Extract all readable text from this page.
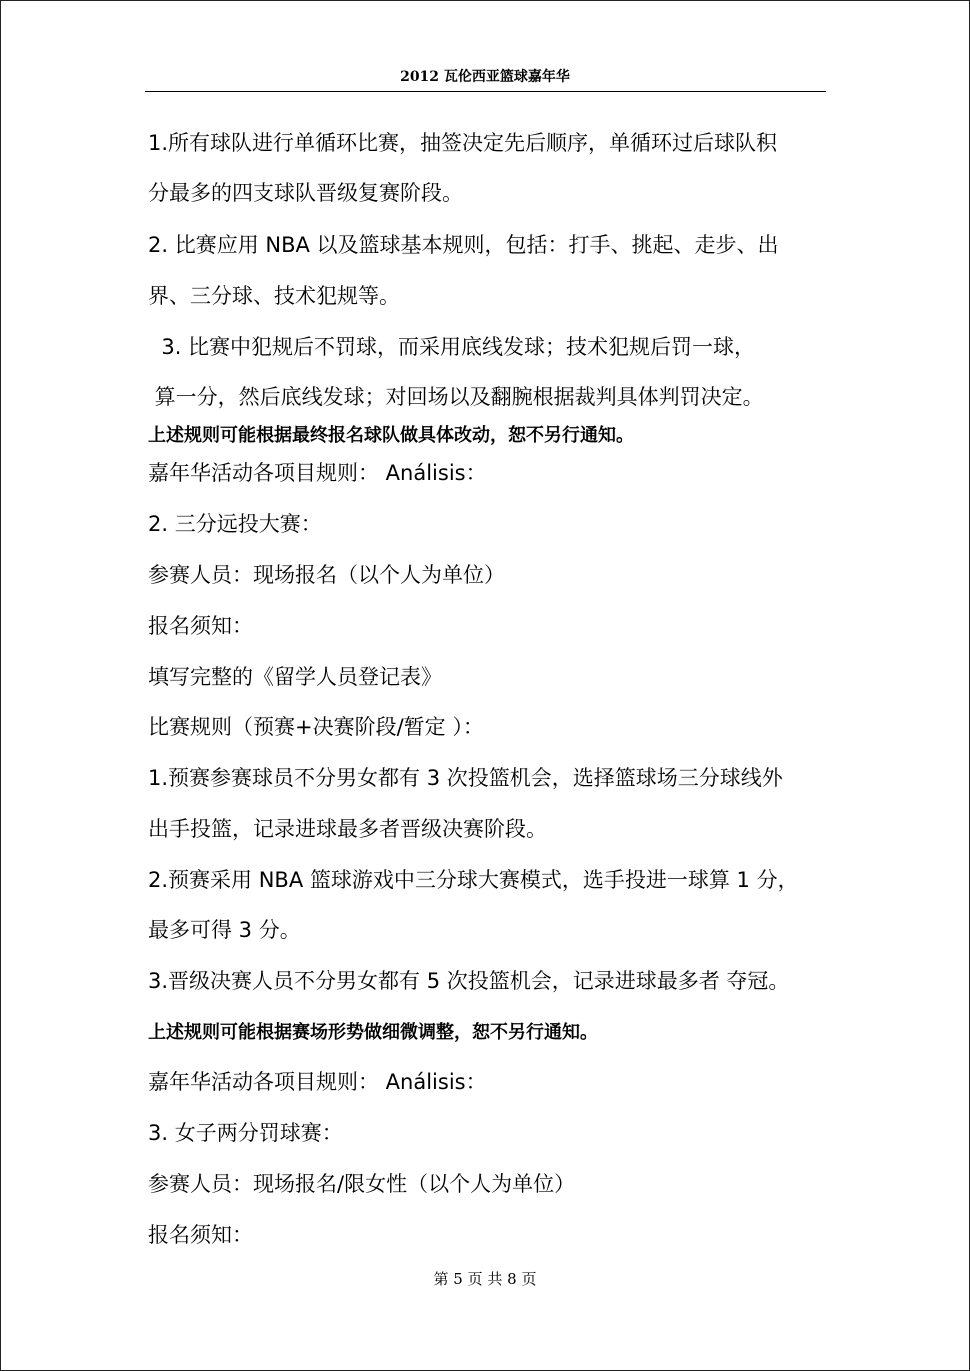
2012 瓦伦西亚篮球嘉年华
1.所有球队进行单循环比赛，抽签决定先后顺序，单循环过后球队积
分最多的四支球队晋级复赛阶段。
2. 比赛应用 NBA 以及篮球基本规则，包括：打手、挑起、走步、出
界、三分球、技术犯规等。
3. 比赛中犯规后不罚球，而采用底线发球；技术犯规后罚一球，
算一分，然后底线发球；对回场以及翻腕根据裁判具体判罚决定。
上述规则可能根据最终报名球队做具体改动，恕不另行通知。
嘉年华活动各项目规则： Análisis：
2. 三分远投大赛：
参赛人员：现场报名（以个人为单位）
报名须知：
填写完整的《留学人员登记表》
比赛规则（预赛+决赛阶段/暂定 ）：
1.预赛参赛球员不分男女都有 3 次投篮机会，选择篮球场三分球线外
出手投篮，记录进球最多者晋级决赛阶段。
2.预赛采用 NBA 篮球游戏中三分球大赛模式，选手投进一球算 1 分，
最多可得 3 分。
3.晋级决赛人员不分男女都有 5 次投篮机会，记录进球最多者 夺冠。
上述规则可能根据赛场形势做细微调整，恕不另行通知。
嘉年华活动各项目规则： Análisis：
3. 女子两分罚球赛：
参赛人员：现场报名/限女性（以个人为单位）
报名须知：
第 5 页 共 8 页
